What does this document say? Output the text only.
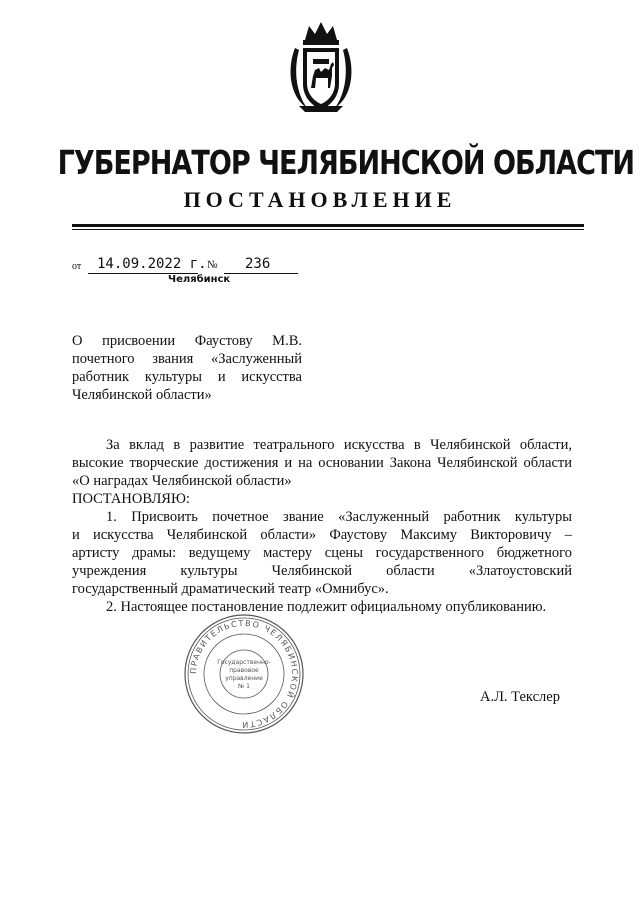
ГУБЕРНАТОР ЧЕЛЯБИНСКОЙ ОБЛАСТИ
ПОСТАНОВЛЕНИЕ
от 14.09.2022 г. № 236
Челябинск
О присвоении Фаустову М.В.
почетного звания «Заслуженный
работник культуры и искусства
Челябинской области»
За вклад в развитие театрального искусства в Челябинской области,
высокие творческие достижения и на основании Закона Челябинской области
«О наградах Челябинской области»
ПОСТАНОВЛЯЮ:
1. Присвоить почетное звание «Заслуженный работник культуры
и искусства Челябинской области» Фаустову Максиму Викторовичу –
артисту драмы: ведущему мастеру сцены государственного бюджетного
учреждения культуры Челябинской области «Златоустовский
государственный драматический театр «Омнибус».
2. Настоящее постановление подлежит официальному опубликованию.
ПРАВИТЕЛЬСТВО ЧЕЛЯБИНСКОЙ ОБЛАСТИ
Государственно-
правовое
управление
№ 1
А.Л. Текслер
